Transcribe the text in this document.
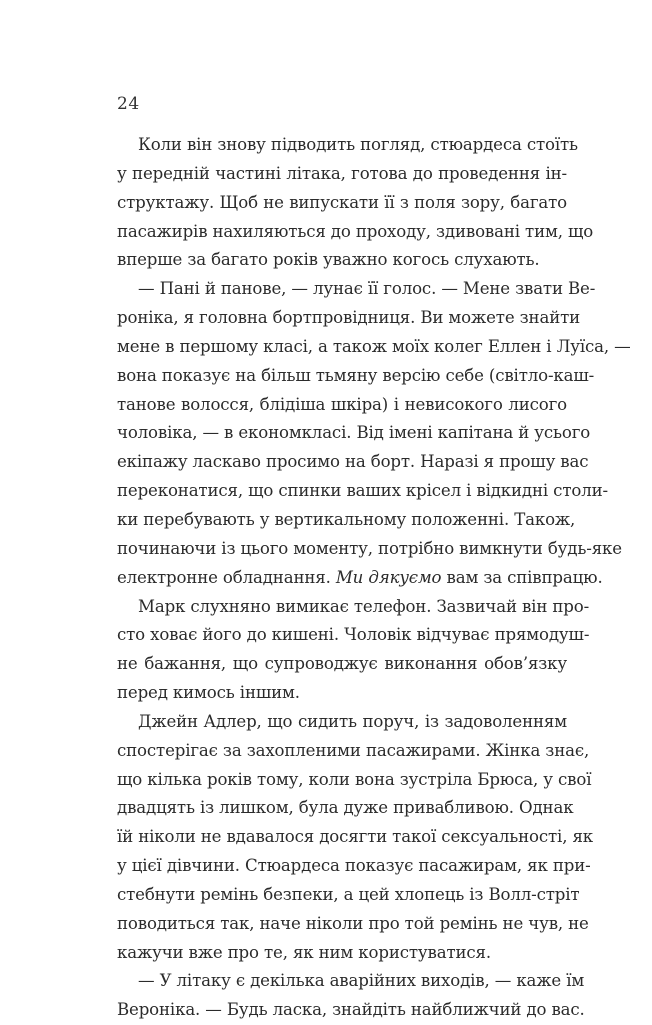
24

Коли він знову підводить погляд, стюардеса стоїть
у передній частині літака, готова до проведення ін-
структажу. Щоб не випускати її з поля зору, багато
пасажирів нахиляються до проходу, здивовані тим, що
вперше за багато років уважно когось слухають.
— Пані й панове, — лунає її голос. — Мене звати Ве-
роніка, я головна бортпровідниця. Ви можете знайти
мене в першому класі, а також моїх колег Еллен і Луїса, —
вона показує на більш тьмяну версію себе (світло-каш-
танове волосся, блідіша шкіра) і невисокого лисого
чоловіка, — в економкласі. Від імені капітана й усього
екіпажу ласкаво просимо на борт. Наразі я прошу вас
переконатися, що спинки ваших крісел і відкидні столи-
ки перебувають у вертикальному положенні. Також,
починаючи із цього моменту, потрібно вимкнути будь-яке
електронне обладнання. Ми дякуємо вам за співпрацю.
Марк слухняно вимикає телефон. Зазвичай він про-
сто ховає його до кишені. Чоловік відчуває прямодуш-
не бажання, що супроводжує виконання обов’язку
перед кимось іншим.
Джейн Адлер, що сидить поруч, із задоволенням
спостерігає за захопленими пасажирами. Жінка знає,
що кілька років тому, коли вона зустріла Брюса, у свої
двадцять із лишком, була дуже привабливою. Однак
їй ніколи не вдавалося досягти такої сексуальності, як
у цієї дівчини. Стюардеса показує пасажирам, як при-
стебнути ремінь безпеки, а цей хлопець із Волл-стріт
поводиться так, наче ніколи про той ремінь не чув, не
кажучи вже про те, як ним користуватися.
— У літаку є декілька аварійних виходів, — каже їм
Вероніка. — Будь ласка, знайдіть найближчий до вас.
